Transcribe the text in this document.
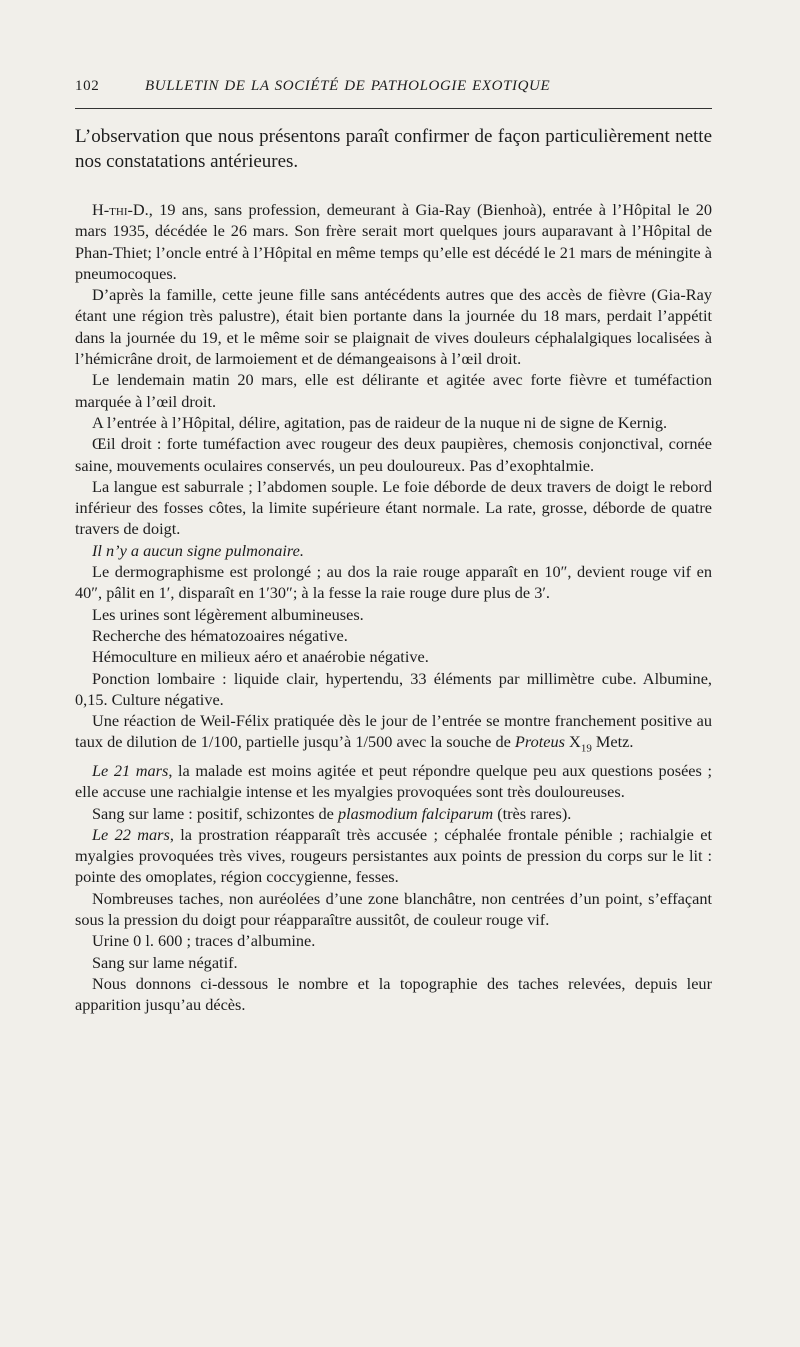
102	BULLETIN DE LA SOCIÉTÉ DE PATHOLOGIE EXOTIQUE

L’observation que nous présentons paraît confirmer de façon particulièrement nette nos constatations antérieures.

H-thi-D., 19 ans, sans profession, demeurant à Gia-Ray (Bienhoà), entrée à l’Hôpital le 20 mars 1935, décédée le 26 mars. Son frère serait mort quelques jours auparavant à l’Hôpital de Phan-Thiet; l’oncle entré à l’Hôpital en même temps qu’elle est décédé le 21 mars de méningite à pneumocoques.

D’après la famille, cette jeune fille sans antécédents autres que des accès de fièvre (Gia-Ray étant une région très palustre), était bien portante dans la journée du 18 mars, perdait l’appétit dans la journée du 19, et le même soir se plaignait de vives douleurs céphalalgiques localisées à l’hémicrâne droit, de larmoiement et de démangeaisons à l’œil droit.

Le lendemain matin 20 mars, elle est délirante et agitée avec forte fièvre et tuméfaction marquée à l’œil droit.

A l’entrée à l’Hôpital, délire, agitation, pas de raideur de la nuque ni de signe de Kernig.

Œil droit : forte tuméfaction avec rougeur des deux paupières, chemosis conjonctival, cornée saine, mouvements oculaires conservés, un peu douloureux. Pas d’exophtalmie.

La langue est saburrale ; l’abdomen souple. Le foie déborde de deux travers de doigt le rebord inférieur des fosses côtes, la limite supérieure étant normale. La rate, grosse, déborde de quatre travers de doigt.

Il n’y a aucun signe pulmonaire.

Le dermographisme est prolongé ; au dos la raie rouge apparaît en 10″, devient rouge vif en 40″, pâlit en 1′, disparaît en 1′30″; à la fesse la raie rouge dure plus de 3′.

Les urines sont légèrement albumineuses.

Recherche des hématozoaires négative.

Hémoculture en milieux aéro et anaérobie négative.

Ponction lombaire : liquide clair, hypertendu, 33 éléments par millimètre cube. Albumine, 0,15. Culture négative.

Une réaction de Weil-Félix pratiquée dès le jour de l’entrée se montre franchement positive au taux de dilution de 1/100, partielle jusqu’à 1/500 avec la souche de Proteus $X_{19}$ Metz.

Le 21 mars, la malade est moins agitée et peut répondre quelque peu aux questions posées ; elle accuse une rachialgie intense et les myalgies provoquées sont très douloureuses.

Sang sur lame : positif, schizontes de plasmodium falciparum (très rares).

Le 22 mars, la prostration réapparaît très accusée ; céphalée frontale pénible ; rachialgie et myalgies provoquées très vives, rougeurs persistantes aux points de pression du corps sur le lit : pointe des omoplates, région coccygienne, fesses.

Nombreuses taches, non auréolées d’une zone blanchâtre, non centrées d’un point, s’effaçant sous la pression du doigt pour réapparaître aussitôt, de couleur rouge vif.

Urine 0 l. 600 ; traces d’albumine.

Sang sur lame négatif.

Nous donnons ci-dessous le nombre et la topographie des taches relevées, depuis leur apparition jusqu’au décès.
